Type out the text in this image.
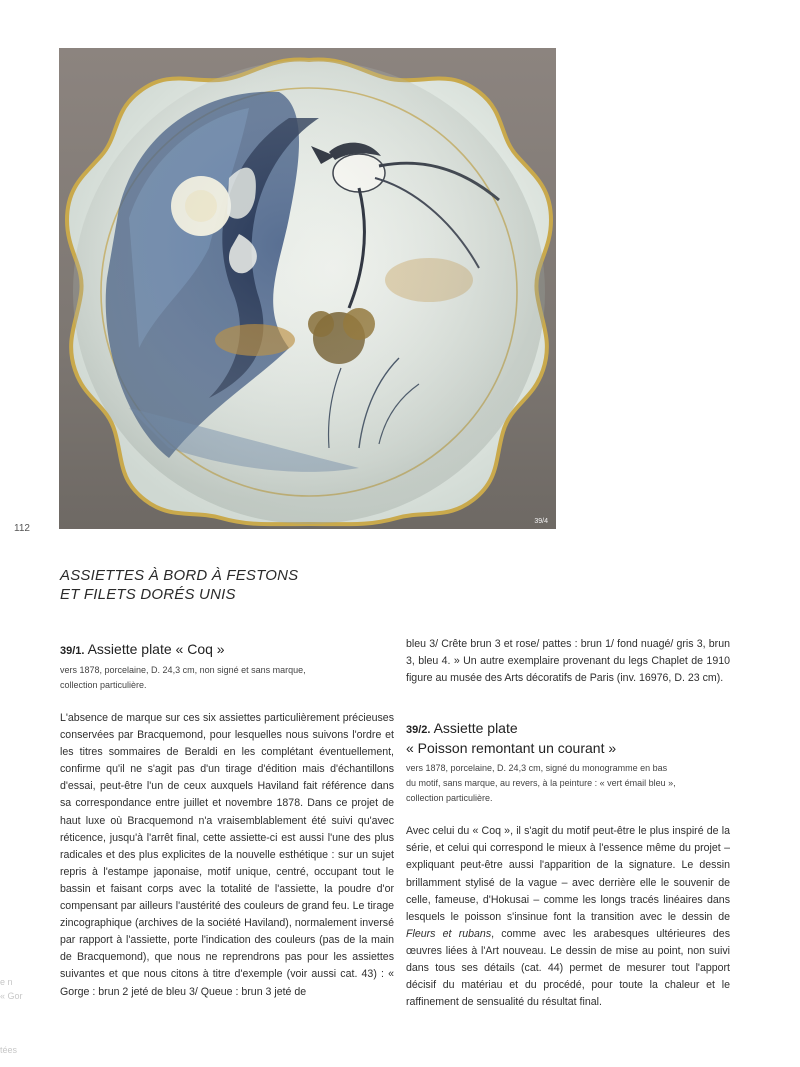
39/4
112
ASSIETTES À BORD À FESTONS
ET FILETS DORÉS UNIS
39/1. Assiette plate « Coq »

vers 1878, porcelaine, D. 24,3 cm, non signé et sans marque,
collection particulière.

L'absence de marque sur ces six assiettes particulièrement précieuses conservées par Bracquemond, pour lesquelles nous suivons l'ordre et les titres sommaires de Beraldi en les complétant éventuellement, confirme qu'il ne s'agit pas d'un tirage d'édition mais d'échantillons d'essai, peut-être l'un de ceux auxquels Haviland fait référence dans sa correspondance entre juillet et novembre 1878. Dans ce projet de haut luxe où Bracquemond n'a vraisemblablement été suivi qu'avec réticence, jusqu'à l'arrêt final, cette assiette-ci est aussi l'une des plus radicales et des plus explicites de la nouvelle esthétique : sur un sujet repris à l'estampe japonaise, motif unique, centré, occupant tout le bassin et faisant corps avec la totalité de l'assiette, la poudre d'or compensant par ailleurs l'austérité des couleurs de grand feu. Le tirage zincographique (archives de la société Haviland), normalement inversé par rapport à l'assiette, porte l'indication des couleurs (pas de la main de Bracquemond), que nous ne reprendrons pas pour les assiettes suivantes et que nous citons à titre d'exemple (voir aussi cat. 43) : « Gorge : brun 2 jeté de bleu 3/ Queue : brun 3 jeté de

bleu 3/ Crête brun 3 et rose/ pattes : brun 1/ fond nuagé/ gris 3, brun 3, bleu 4. » Un autre exemplaire provenant du legs Chaplet de 1910 figure au musée des Arts décoratifs de Paris (inv. 16976, D. 23 cm).

39/2. Assiette plate
« Poisson remontant un courant »

vers 1878, porcelaine, D. 24,3 cm, signé du monogramme en bas
du motif, sans marque, au revers, à la peinture : « vert émail bleu »,
collection particulière.

Avec celui du « Coq », il s'agit du motif peut-être le plus inspiré de la série, et celui qui correspond le mieux à l'essence même du projet – expliquant peut-être aussi l'apparition de la signature. Le dessin brillamment stylisé de la vague – avec derrière elle le souvenir de celle, fameuse, d'Hokusai – comme les longs tracés linéaires dans lesquels le poisson s'insinue font la transition avec le dessin de Fleurs et rubans, comme avec les arabesques ultérieures des œuvres liées à l'Art nouveau. Le dessin de mise au point, non suivi dans tous ses détails (cat. 44) permet de mesurer tout l'apport décisif du matériau et du procédé, pour toute la chaleur et le raffinement de sensualité du résultat final.

e n
« Gor
tées
